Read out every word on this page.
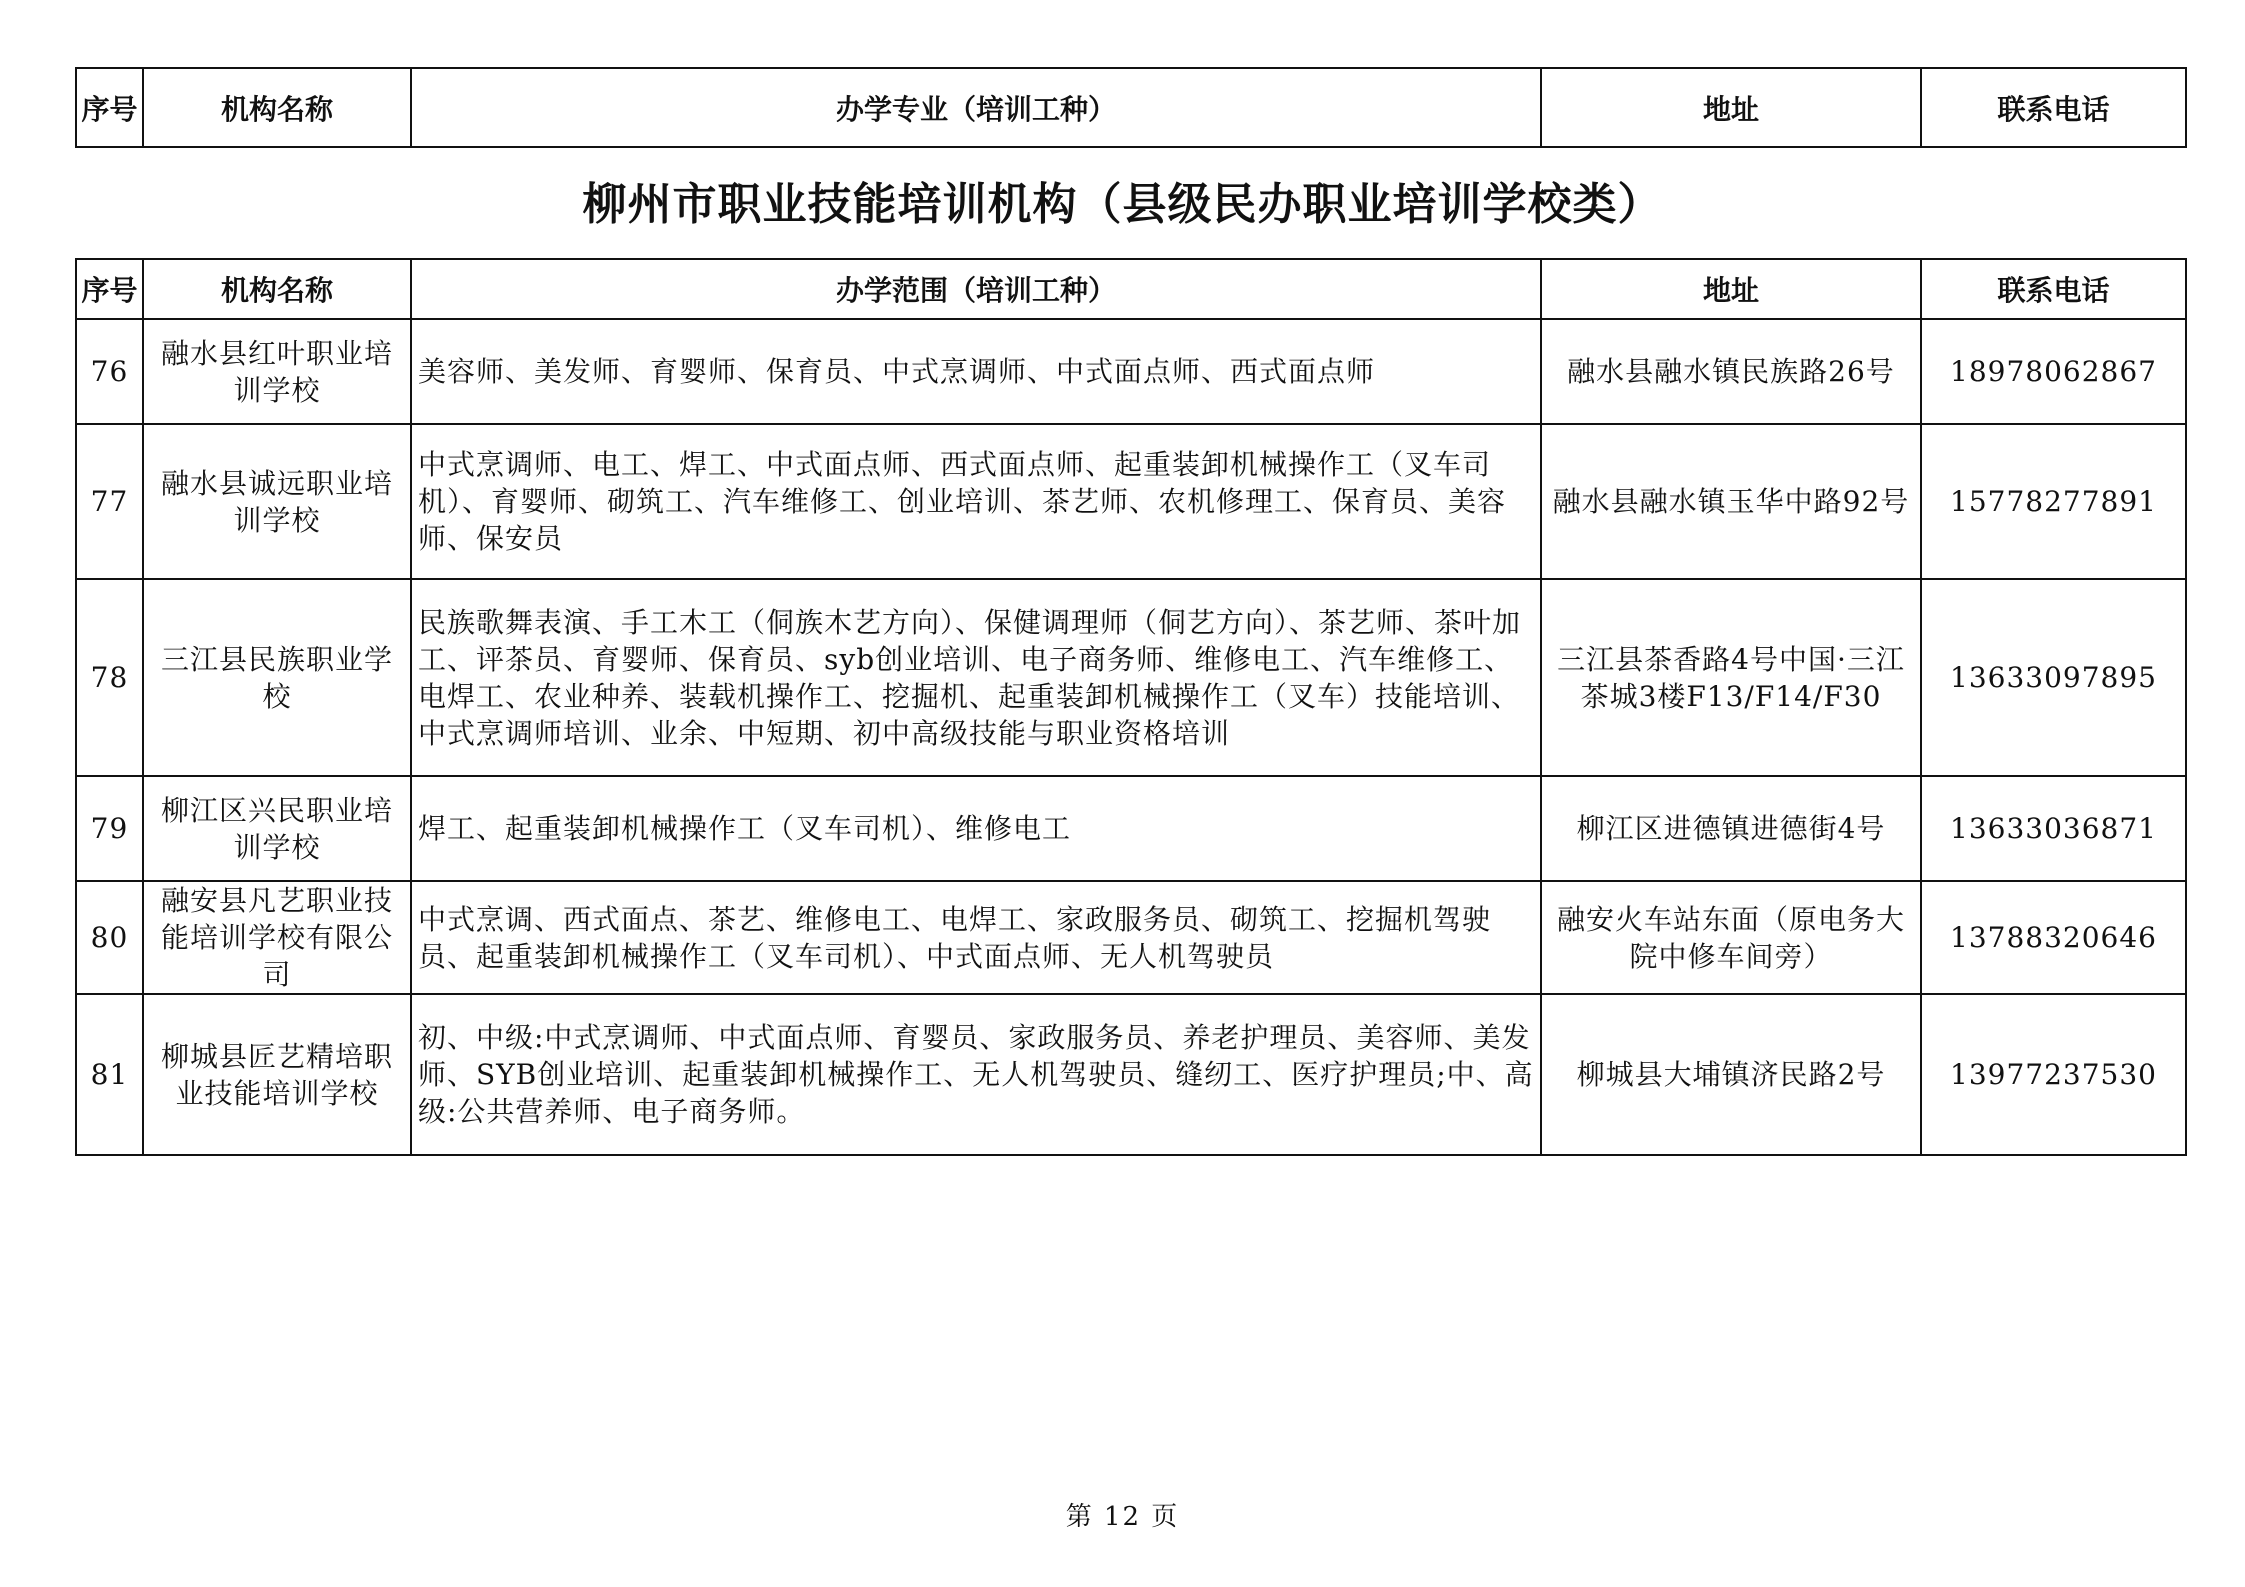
序号	机构名称	办学专业（培训工种）	地址	联系电话
柳州市职业技能培训机构（县级民办职业培训学校类）
序号	机构名称	办学范围（培训工种）	地址	联系电话
76	融水县红叶职业培训学校	美容师、美发师、育婴师、保育员、中式烹调师、中式面点师、西式面点师	融水县融水镇民族路26号	18978062867
77	融水县诚远职业培训学校	中式烹调师、电工、焊工、中式面点师、西式面点师、起重装卸机械操作工（叉车司机）、育婴师、砌筑工、汽车维修工、创业培训、茶艺师、农机修理工、保育员、美容师、保安员	融水县融水镇玉华中路92号	15778277891
78	三江县民族职业学校	民族歌舞表演、手工木工（侗族木艺方向）、保健调理师（侗艺方向）、茶艺师、茶叶加工、评茶员、育婴师、保育员、syb创业培训、电子商务师、维修电工、汽车维修工、电焊工、农业种养、装载机操作工、挖掘机、起重装卸机械操作工（叉车）技能培训、中式烹调师培训、业余、中短期、初中高级技能与职业资格培训	三江县茶香路4号中国·三江茶城3楼F13/F14/F30	13633097895
79	柳江区兴民职业培训学校	焊工、起重装卸机械操作工（叉车司机）、维修电工	柳江区进德镇进德街4号	13633036871
80	融安县凡艺职业技能培训学校有限公司	中式烹调、西式面点、茶艺、维修电工、电焊工、家政服务员、砌筑工、挖掘机驾驶员、起重装卸机械操作工（叉车司机）、中式面点师、无人机驾驶员	融安火车站东面（原电务大院中修车间旁）	13788320646
81	柳城县匠艺精培职业技能培训学校	初、中级:中式烹调师、中式面点师、育婴员、家政服务员、养老护理员、美容师、美发师、SYB创业培训、起重装卸机械操作工、无人机驾驶员、缝纫工、医疗护理员;中、高级:公共营养师、电子商务师。	柳城县大埔镇济民路2号	13977237530
第 12 页
